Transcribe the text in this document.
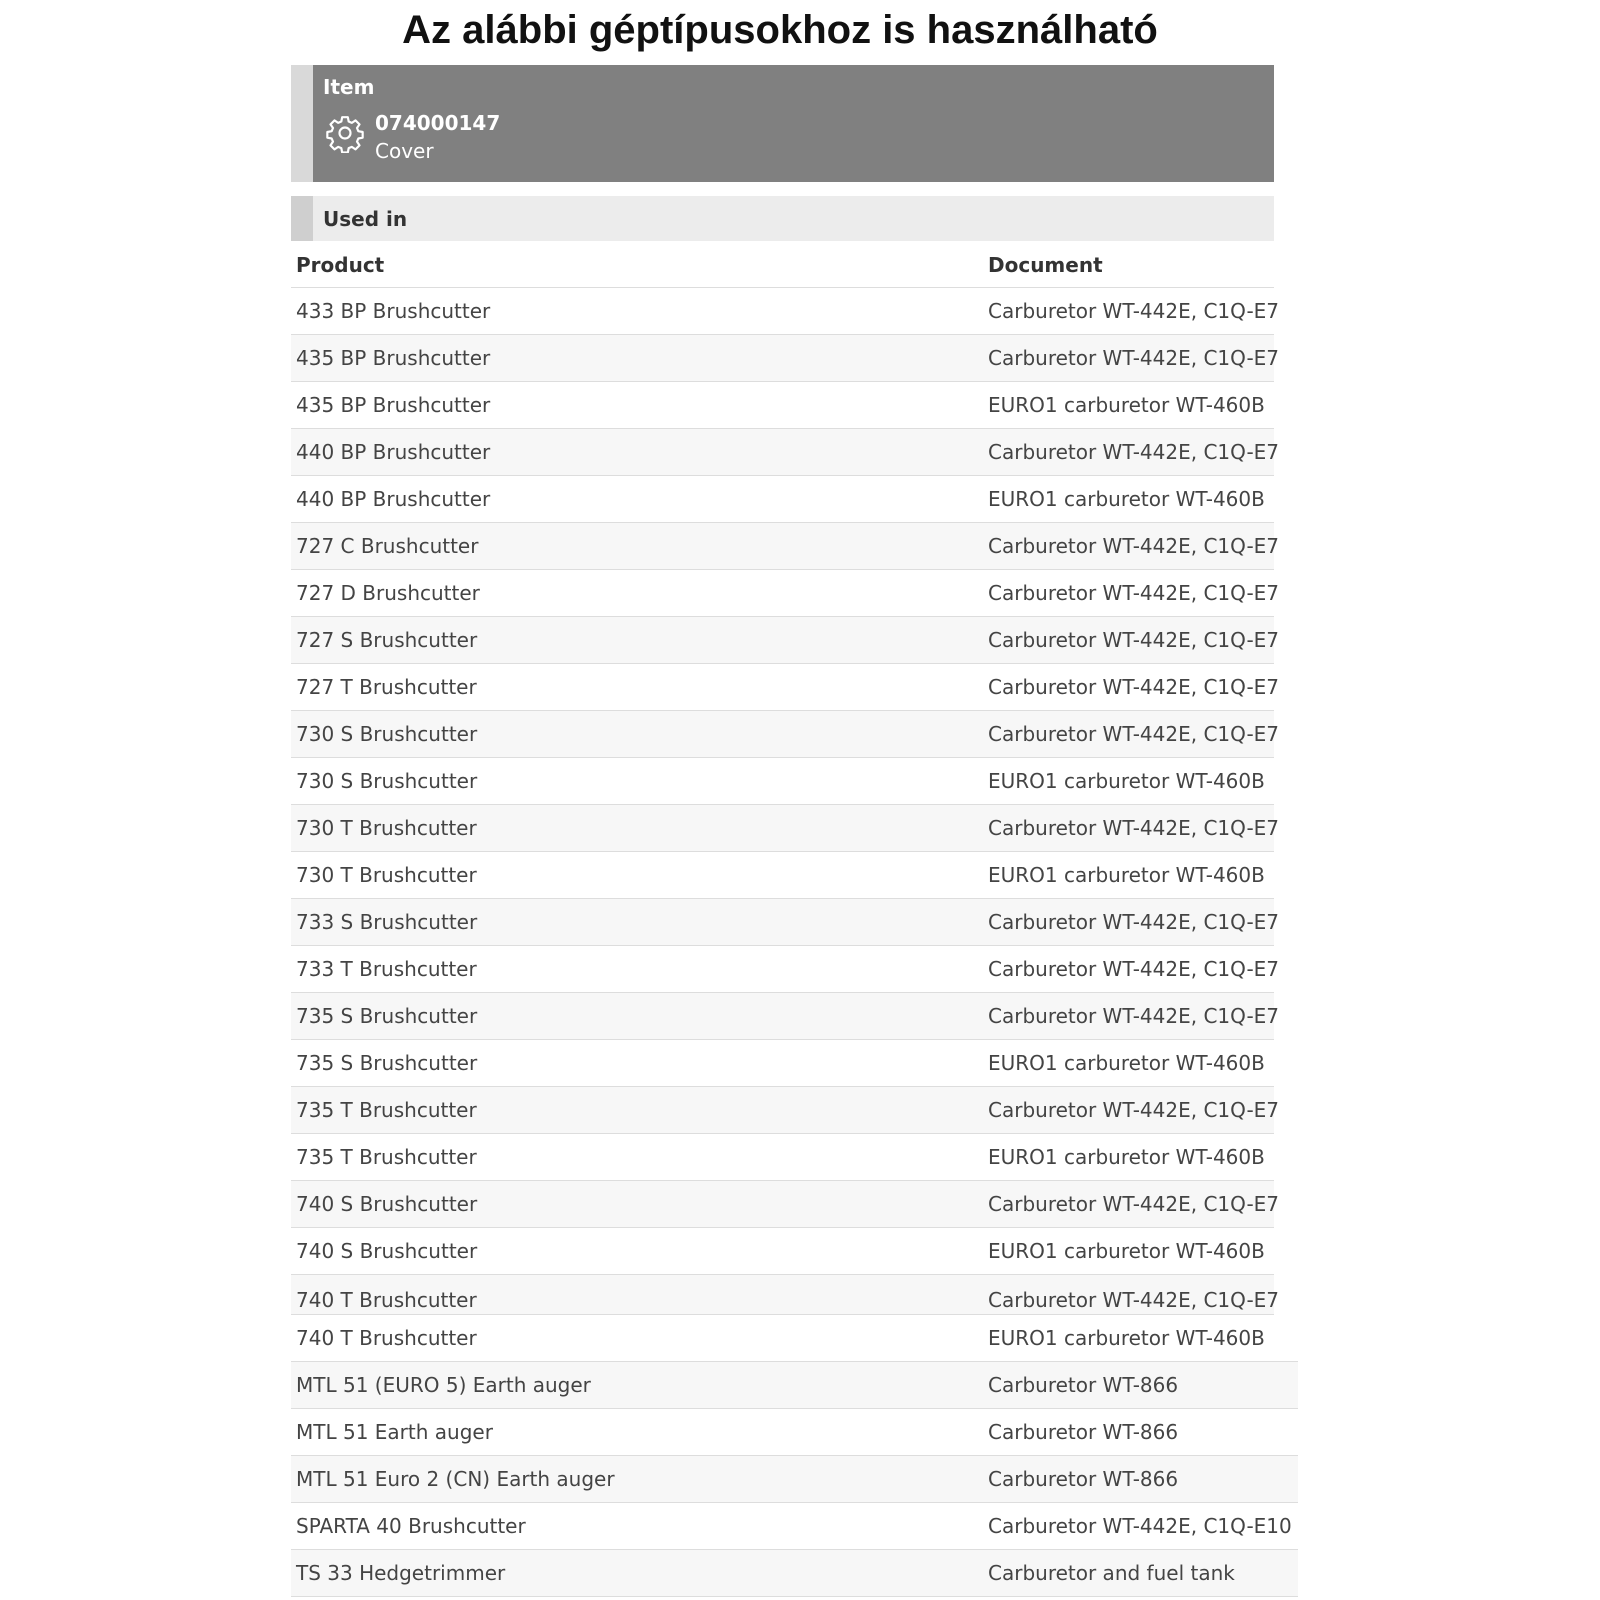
Az alábbi géptípusokhoz is használható
Item
074000147
Cover
Used in
Product	Document
433 BP Brushcutter	Carburetor WT-442E, C1Q-E7
435 BP Brushcutter	Carburetor WT-442E, C1Q-E7
435 BP Brushcutter	EURO1 carburetor WT-460B
440 BP Brushcutter	Carburetor WT-442E, C1Q-E7
440 BP Brushcutter	EURO1 carburetor WT-460B
727 C Brushcutter	Carburetor WT-442E, C1Q-E7
727 D Brushcutter	Carburetor WT-442E, C1Q-E7
727 S Brushcutter	Carburetor WT-442E, C1Q-E7
727 T Brushcutter	Carburetor WT-442E, C1Q-E7
730 S Brushcutter	Carburetor WT-442E, C1Q-E7
730 S Brushcutter	EURO1 carburetor WT-460B
730 T Brushcutter	Carburetor WT-442E, C1Q-E7
730 T Brushcutter	EURO1 carburetor WT-460B
733 S Brushcutter	Carburetor WT-442E, C1Q-E7
733 T Brushcutter	Carburetor WT-442E, C1Q-E7
735 S Brushcutter	Carburetor WT-442E, C1Q-E7
735 S Brushcutter	EURO1 carburetor WT-460B
735 T Brushcutter	Carburetor WT-442E, C1Q-E7
735 T Brushcutter	EURO1 carburetor WT-460B
740 S Brushcutter	Carburetor WT-442E, C1Q-E7
740 S Brushcutter	EURO1 carburetor WT-460B
740 T Brushcutter	Carburetor WT-442E, C1Q-E7
740 T Brushcutter	EURO1 carburetor WT-460B
MTL 51 (EURO 5) Earth auger	Carburetor WT-866
MTL 51 Earth auger	Carburetor WT-866
MTL 51 Euro 2 (CN) Earth auger	Carburetor WT-866
SPARTA 40 Brushcutter	Carburetor WT-442E, C1Q-E10
TS 33 Hedgetrimmer	Carburetor and fuel tank
